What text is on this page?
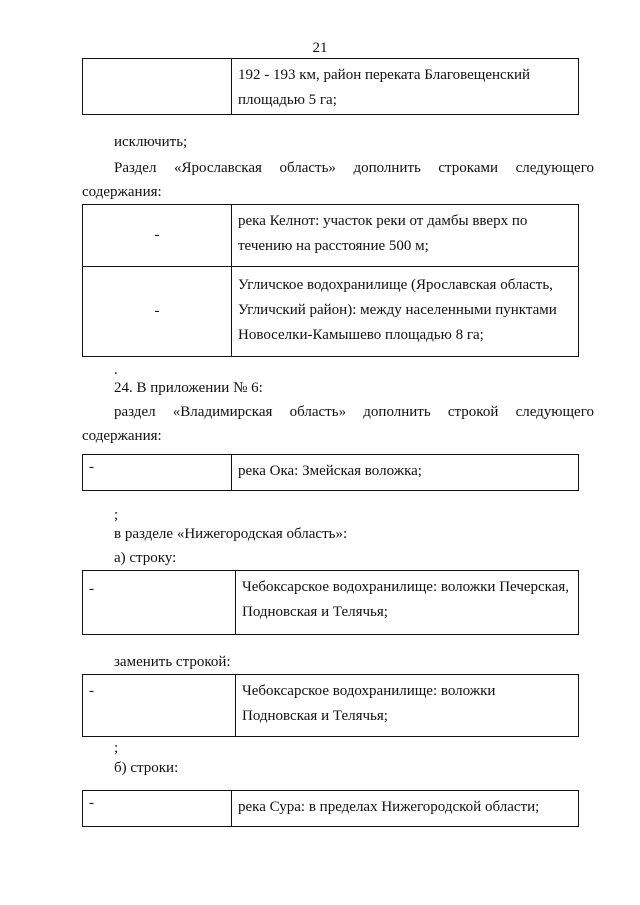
21
	192 - 193 км, район переката Благовещенский площадью 5 га;
исключить;
Раздел «Ярославская область» дополнить строками следующего содержания:
-	река Келнот: участок реки от дамбы вверх по течению на расстояние 500 м;
-	Угличское водохранилище (Ярославская область, Угличский район): между населенными пунктами Новоселки-Камышево площадью 8 га;
.
24. В приложении № 6:
раздел «Владимирская область» дополнить строкой следующего содержания:
-	река Ока: Змейская воложка;
;
в разделе «Нижегородская область»:
а) строку:
-	Чебоксарское водохранилище: воложки Печерская, Подновская и Телячья;
заменить строкой:
-	Чебоксарское водохранилище: воложки Подновская и Телячья;
;
б) строки:
-	река Сура: в пределах Нижегородской области;
